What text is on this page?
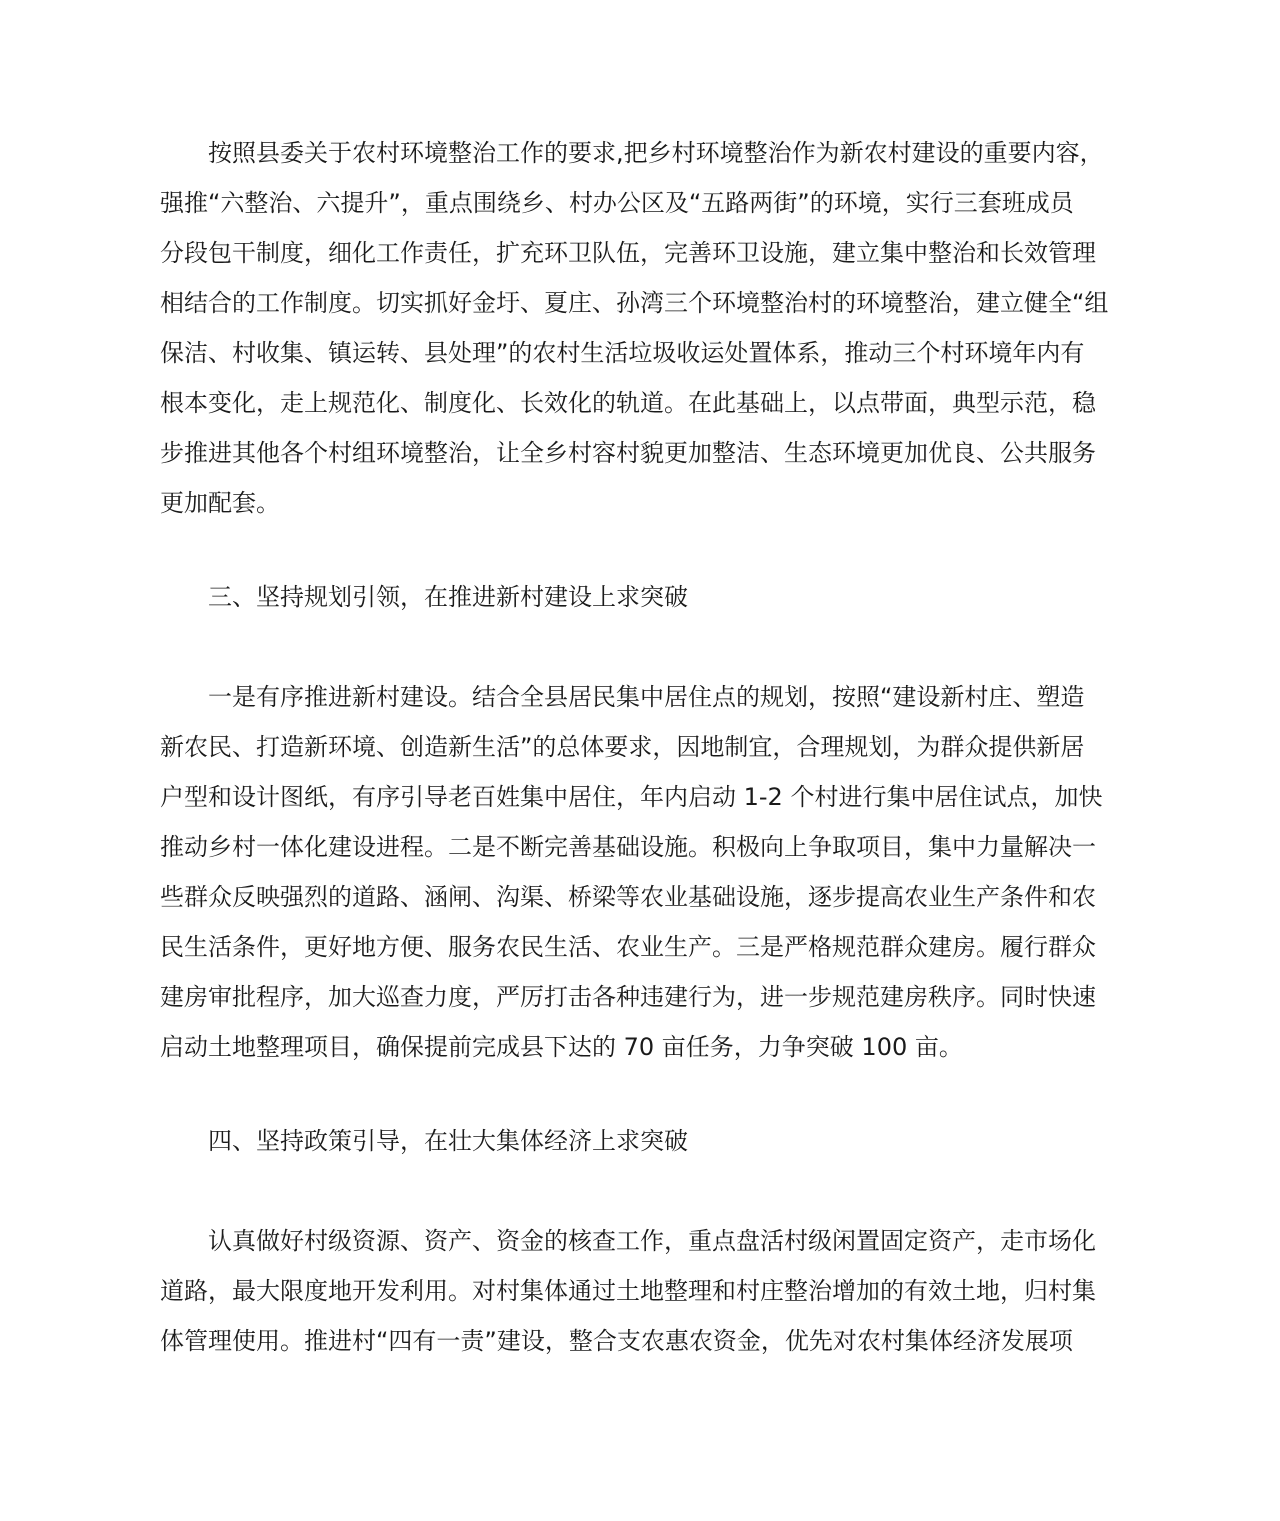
按照县委关于农村环境整治工作的要求,把乡村环境整治作为新农村建设的重要内容，
强推“六整治、六提升”，重点围绕乡、村办公区及“五路两街”的环境，实行三套班成员
分段包干制度，细化工作责任，扩充环卫队伍，完善环卫设施，建立集中整治和长效管理
相结合的工作制度。切实抓好金圩、夏庄、孙湾三个环境整治村的环境整治，建立健全“组
保洁、村收集、镇运转、县处理”的农村生活垃圾收运处置体系，推动三个村环境年内有
根本变化，走上规范化、制度化、长效化的轨道。在此基础上，以点带面，典型示范，稳
步推进其他各个村组环境整治，让全乡村容村貌更加整洁、生态环境更加优良、公共服务
更加配套。
三、坚持规划引领，在推进新村建设上求突破
一是有序推进新村建设。结合全县居民集中居住点的规划，按照“建设新村庄、塑造
新农民、打造新环境、创造新生活”的总体要求，因地制宜，合理规划，为群众提供新居
户型和设计图纸，有序引导老百姓集中居住，年内启动 1-2 个村进行集中居住试点，加快
推动乡村一体化建设进程。二是不断完善基础设施。积极向上争取项目，集中力量解决一
些群众反映强烈的道路、涵闸、沟渠、桥梁等农业基础设施，逐步提高农业生产条件和农
民生活条件，更好地方便、服务农民生活、农业生产。三是严格规范群众建房。履行群众
建房审批程序，加大巡查力度，严厉打击各种违建行为，进一步规范建房秩序。同时快速
启动土地整理项目，确保提前完成县下达的 70 亩任务，力争突破 100 亩。
四、坚持政策引导，在壮大集体经济上求突破
认真做好村级资源、资产、资金的核查工作，重点盘活村级闲置固定资产，走市场化
道路，最大限度地开发利用。对村集体通过土地整理和村庄整治增加的有效土地，归村集
体管理使用。推进村“四有一责”建设，整合支农惠农资金，优先对农村集体经济发展项
